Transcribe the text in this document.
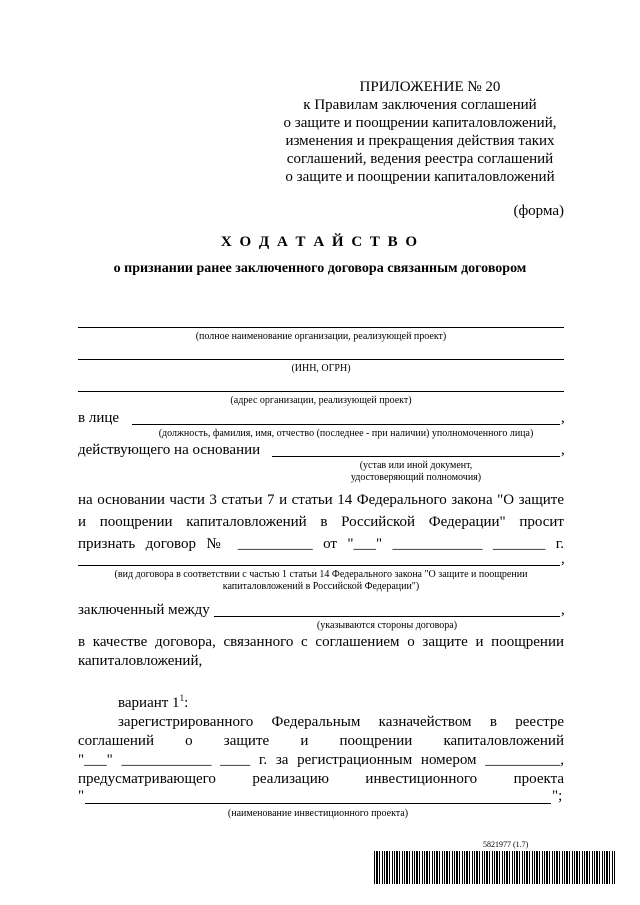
ПРИЛОЖЕНИЕ № 20
к Правилам заключения соглашений
о защите и поощрении капиталовложений,
изменения и прекращения действия таких
соглашений, ведения реестра соглашений
о защите и поощрении капиталовложений
(форма)
Х О Д А Т А Й С Т В О
о признании ранее заключенного договора связанным договором
(полное наименование организации, реализующей проект)
(ИНН, ОГРН)
(адрес организации, реализующей проект)
в лице	,
(должность, фамилия, имя, отчество (последнее - при наличии) уполномоченного лица)
действующего на основании	,
(устав или иной документ,
удостоверяющий полномочия)
на основании части 3 статьи 7 и статьи 14 Федерального закона "О защите
и поощрении капиталовложений в Российской Федерации" просит
признать договор № __________ от "___" ____________ _______ г.
,
(вид договора в соответствии с частью 1 статьи 14 Федерального закона "О защите и поощрении
капиталовложений в Российской Федерации")
заключенный между	,
(указываются стороны договора)
в качестве договора, связанного с соглашением о защите и поощрении
капиталовложений,
вариант $1^1$:
зарегистрированного Федеральным казначейством в реестре
соглашений о защите и поощрении капиталовложений
"___" ____________ ____ г. за регистрационным номером __________,
предусматривающего реализацию инвестиционного проекта
"	";
(наименование инвестиционного проекта)
5821977 (1.7)
